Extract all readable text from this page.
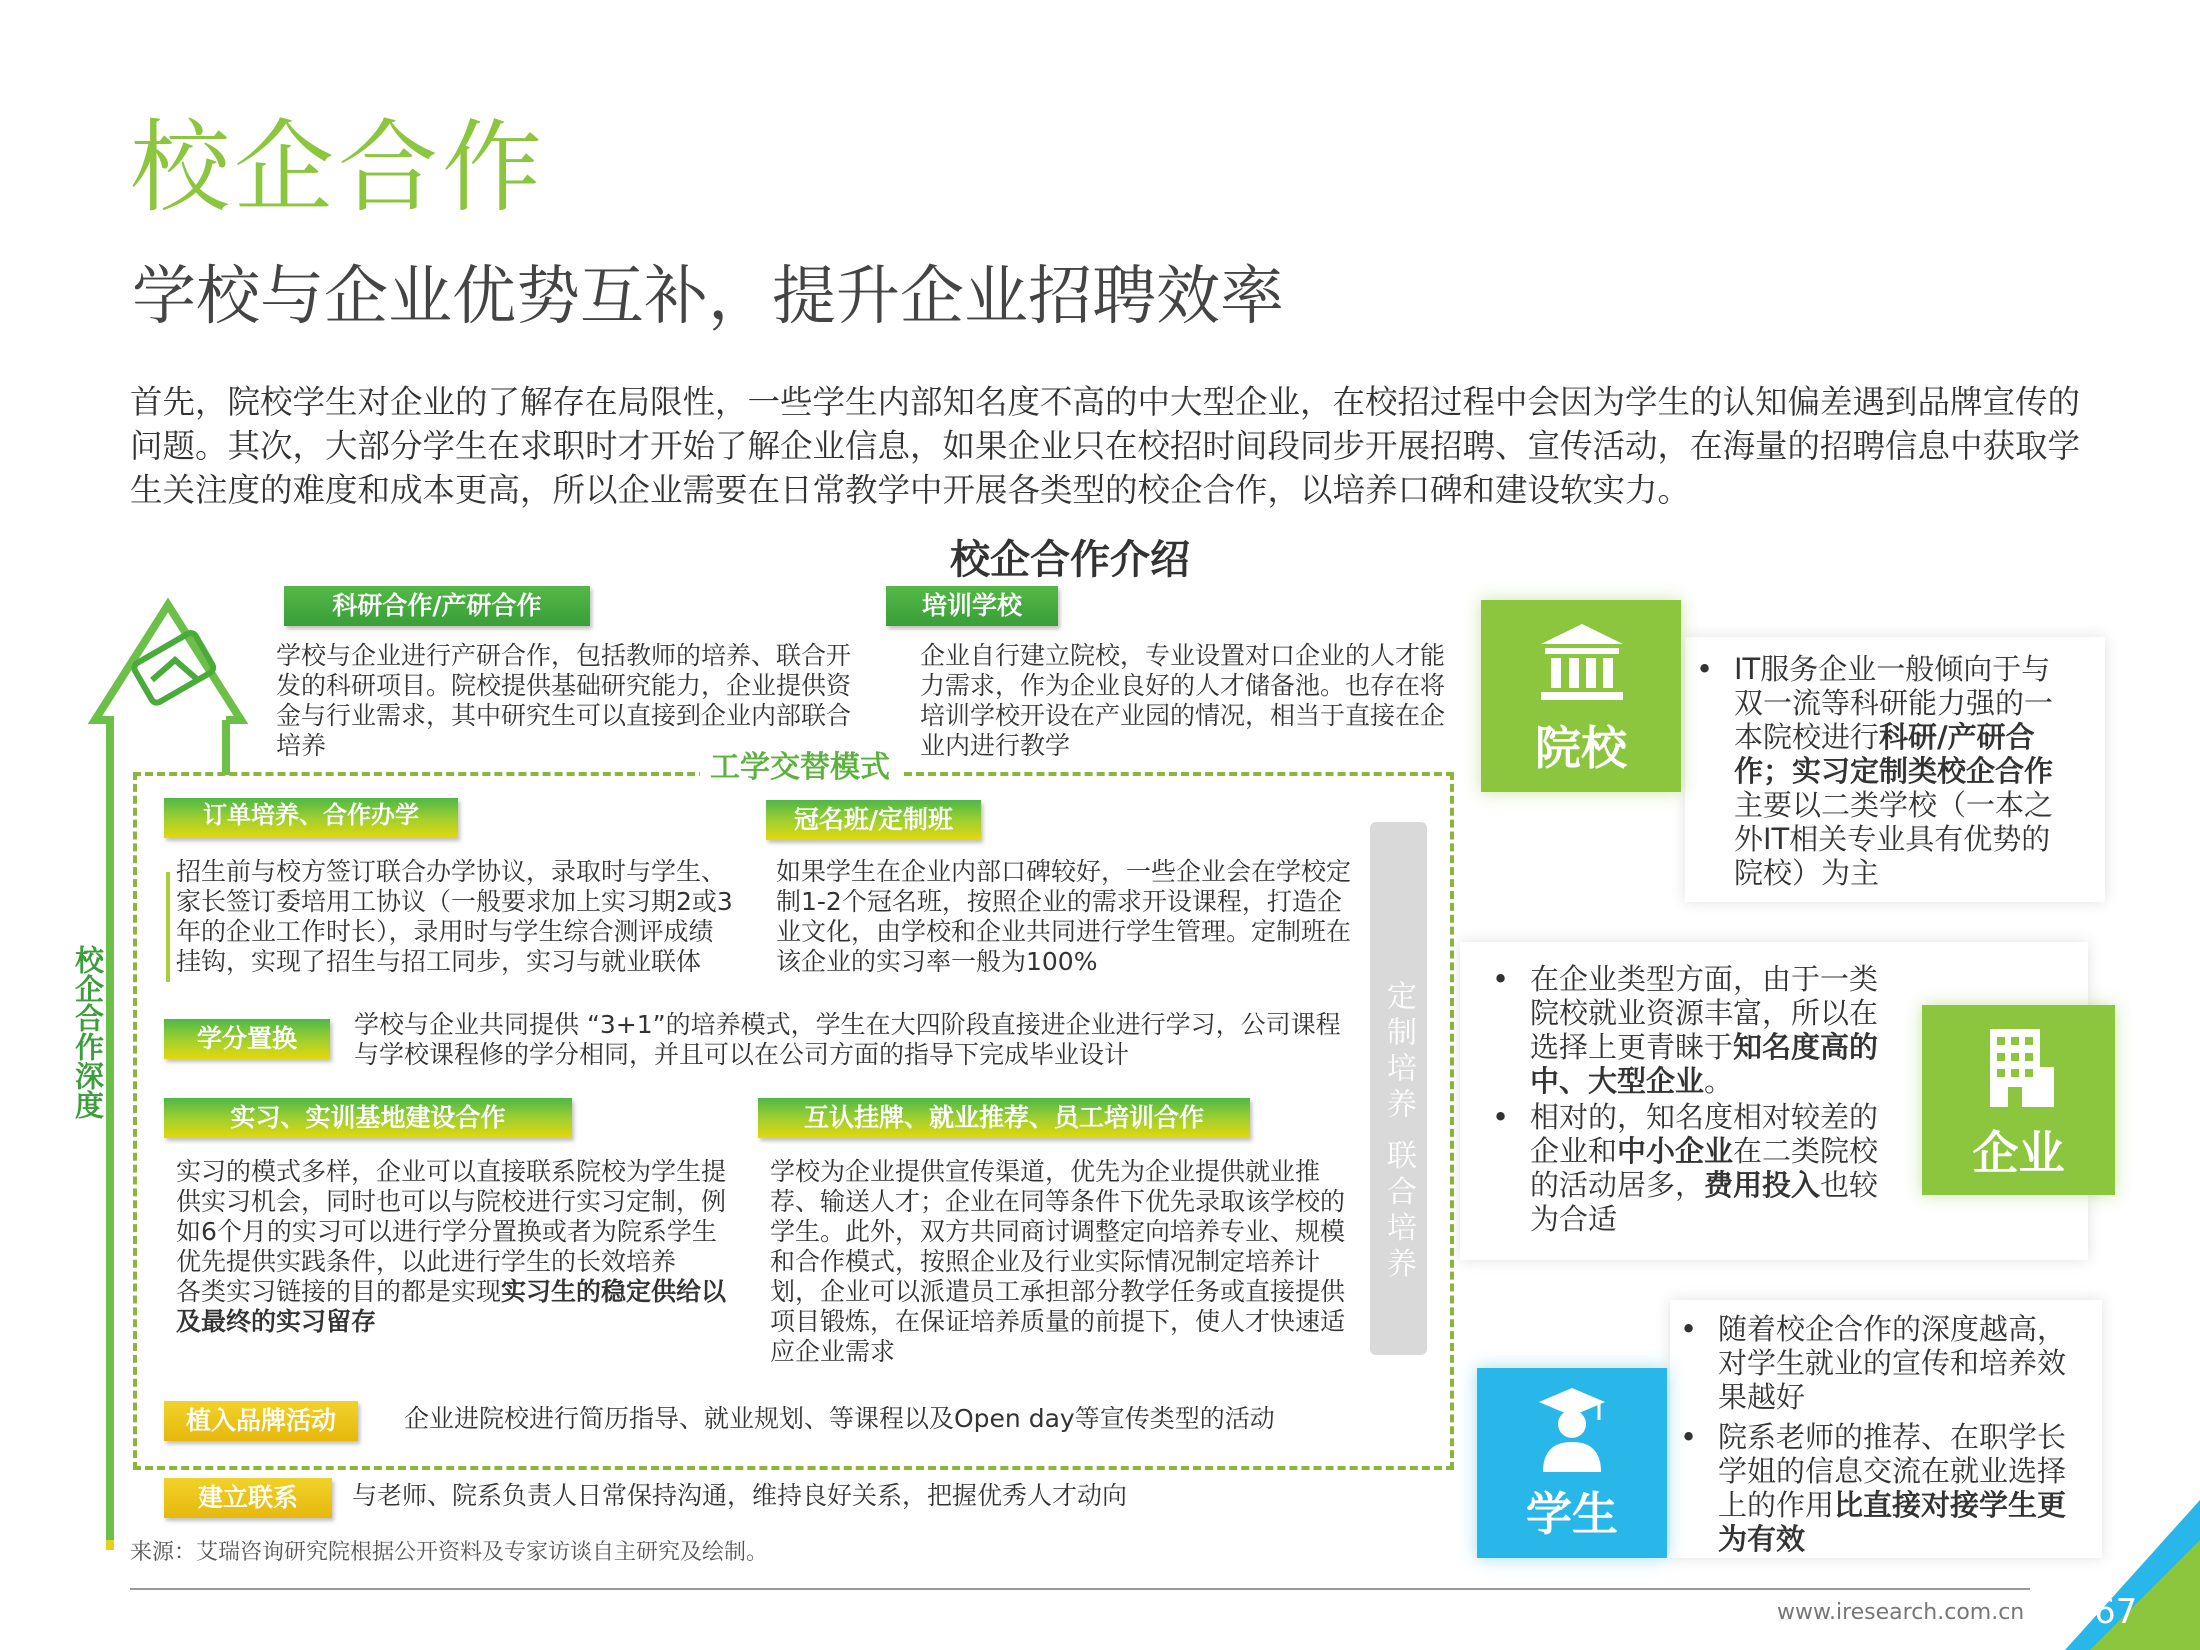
校企合作
学校与企业优势互补，提升企业招聘效率
首先，院校学生对企业的了解存在局限性，一些学生内部知名度不高的中大型企业，在校招过程中会因为学生的认知偏差遇到品牌宣传的问题。其次，大部分学生在求职时才开始了解企业信息，如果企业只在校招时间段同步开展招聘、宣传活动，在海量的招聘信息中获取学生关注度的难度和成本更高，所以企业需要在日常教学中开展各类型的校企合作，以培养口碑和建设软实力。
校企合作介绍
校企合作深度
科研合作/产研合作
学校与企业进行产研合作，包括教师的培养、联合开发的科研项目。院校提供基础研究能力，企业提供资金与行业需求，其中研究生可以直接到企业内部联合培养
培训学校
企业自行建立院校，专业设置对口企业的人才能力需求，作为企业良好的人才储备池。也存在将培训学校开设在产业园的情况，相当于直接在企业内进行教学
工学交替模式
定制培养 联合培养
订单培养、合作办学
招生前与校方签订联合办学协议，录取时与学生、家长签订委培用工协议（一般要求加上实习期2或3年的企业工作时长），录用时与学生综合测评成绩挂钩，实现了招生与招工同步，实习与就业联体
冠名班/定制班
如果学生在企业内部口碑较好，一些企业会在学校定制1-2个冠名班，按照企业的需求开设课程，打造企业文化，由学校和企业共同进行学生管理。定制班在该企业的实习率一般为100%
学分置换	学校与企业共同提供 “3+1”的培养模式，学生在大四阶段直接进企业进行学习，公司课程与学校课程修的学分相同，并且可以在公司方面的指导下完成毕业设计
实习、实训基地建设合作
实习的模式多样，企业可以直接联系院校为学生提供实习机会，同时也可以与院校进行实习定制，例如6个月的实习可以进行学分置换或者为院系学生优先提供实践条件，以此进行学生的长效培养
各类实习链接的目的都是实现实习生的稳定供给以及最终的实习留存
互认挂牌、就业推荐、员工培训合作
学校为企业提供宣传渠道，优先为企业提供就业推荐、输送人才；企业在同等条件下优先录取该学校的学生。此外，双方共同商讨调整定向培养专业、规模和合作模式，按照企业及行业实际情况制定培养计划，企业可以派遣员工承担部分教学任务或直接提供项目锻炼，在保证培养质量的前提下，使人才快速适应企业需求
植入品牌活动	企业进院校进行简历指导、就业规划、等课程以及Open day等宣传类型的活动
建立联系	与老师、院系负责人日常保持沟通，维持良好关系，把握优秀人才动向
院校
• IT服务企业一般倾向于与双一流等科研能力强的一本院校进行科研/产研合作；实习定制类校企合作主要以二类学校（一本之外IT相关专业具有优势的院校）为主
企业
• 在企业类型方面，由于一类院校就业资源丰富，所以在选择上更青睐于知名度高的中、大型企业。
• 相对的，知名度相对较差的企业和中小企业在二类院校的活动居多，费用投入也较为合适
学生
• 随着校企合作的深度越高，对学生就业的宣传和培养效果越好
• 院系老师的推荐、在职学长学姐的信息交流在就业选择上的作用比直接对接学生更为有效
来源：艾瑞咨询研究院根据公开资料及专家访谈自主研究及绘制。
www.iresearch.com.cn 67
